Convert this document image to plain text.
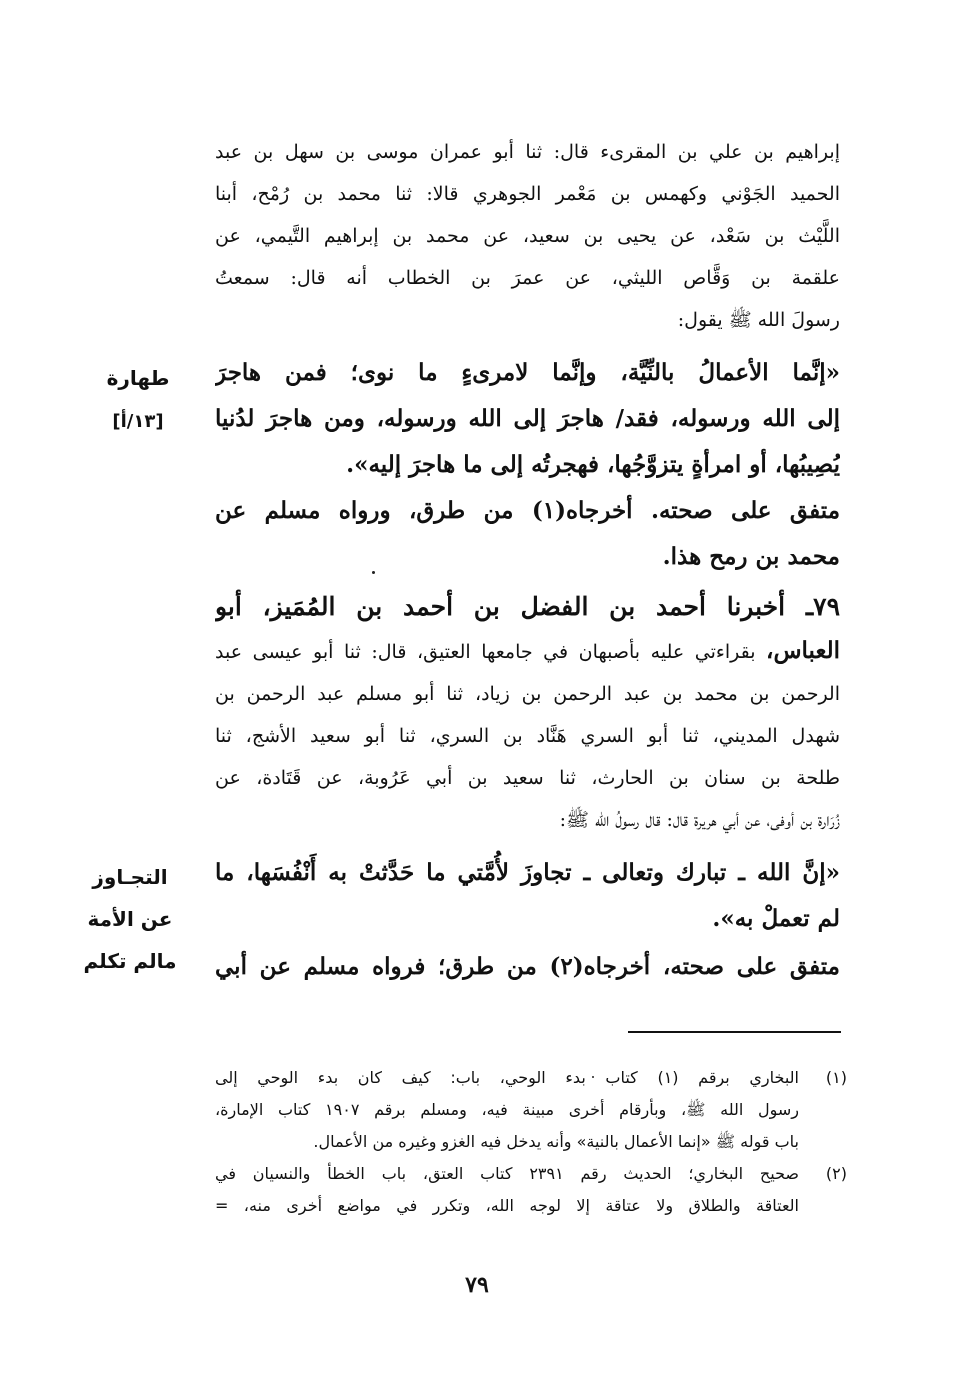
إبراهيم بن علي بن المقرىء قال: ثنا أبو عمران موسى بن سهل بن عبد
الحميد الجَوْني وكهمس بن مَعْمر الجوهري قالا: ثنا محمد بن رُمْح، أبنا
اللَّيْث بن سَعْد، عن يحيى بن سعيد، عن محمد بن إبراهيم التَّيمي، عن
علقمة بن وَقَّاص الليثي، عن عمرَ بن الخطاب أنه قال: سمعتُ
رسولَ الله ﷺ يقول:
«إنَّما الأعمالُ بالنِّيَّة، وإنَّما لامرىءٍ ما نوى؛ فمن هاجرَ
إلى الله ورسوله، فقد/ هاجرَ إلى الله ورسوله، ومن هاجرَ لدُنيا
يُصِيبُها، أو امرأةٍ يتزوَّجُها، فهجرتُه إلى ما هاجرَ إليه».
متفق على صحته. أخرجاه(١) من طرق، ورواه مسلم عن
محمد بن رمح هذا.
٧٩ـ أخبرنا أحمد بن الفضل بن أحمد بن المُمَيز، أبو
العباس، بقراءتي عليه بأصبهان في جامعها العتيق، قال: ثنا أبو عيسى عبد
الرحمن بن محمد بن عبد الرحمن بن زياد، ثنا أبو مسلم عبد الرحمن بن
شهدل المديني، ثنا أبو السري هَنَّاد بن السري، ثنا أبو سعيد الأشج، ثنا
طلحة بن سنان بن الحارث، ثنا سعيد بن أبي عَرُوبة، عن قَتَادة، عن
زُرَارة بن أوفى، عن أبي هريرة قال: قال رسولُ الله ﷺ:
«إنَّ الله ـ تبارك وتعالى ـ تجاوزَ لأُمَّتي ما حَدَّثتْ به أَنْفُسَها، ما
لم تعملْ به».
متفق على صحته، أخرجاه(٢) من طرق؛ فرواه مسلم عن أبي
طهارة
[١٣/أ]
التجـاوز
عن الأمة
مالم تكلم
(١)
البخاري برقم (١) كتاب بدء الوحي، باب: كيف كان بدء الوحي إلى
رسول الله ﷺ، وبأرقام أخرى مبينة فيه، ومسلم برقم ١٩٠٧ كتاب الإمارة،
باب قوله ﷺ «إنما الأعمال بالنية» وأنه يدخل فيه الغزو وغيره من الأعمال.
(٢)
صحيح البخاري؛ الحديث رقم ٢٣٩١ كتاب العتق، باب الخطأ والنسيان في
العتاقة والطلاق ولا عتاقة إلا لوجه الله، وتكرر في مواضع أخرى منه، =
٧٩
